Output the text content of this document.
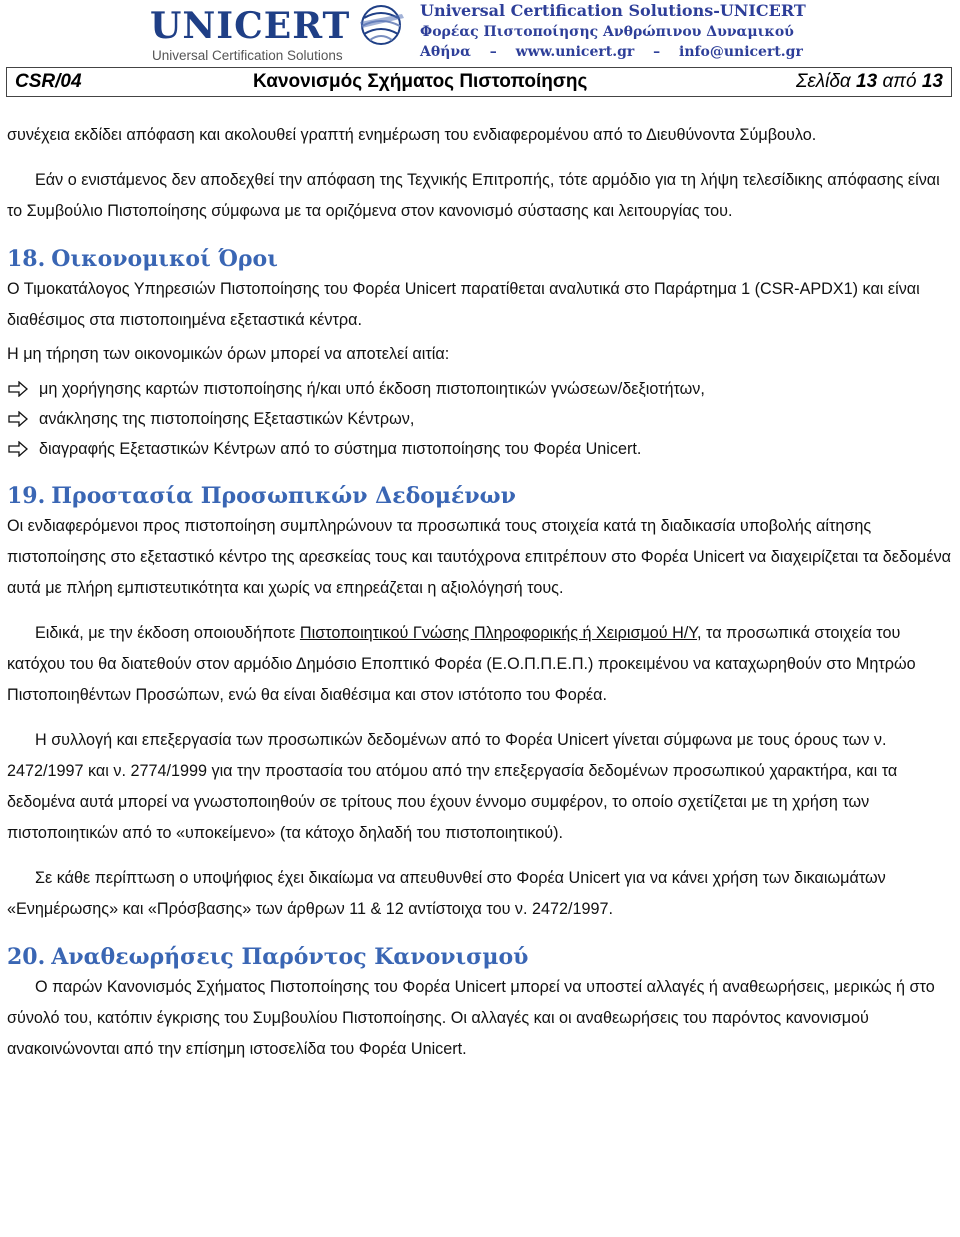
UNICERT
Universal Certification Solutions
Universal Certification Solutions-UNICERT
Φορέας Πιστοποίησης Ανθρώπινου Δυναμικού
Αθήνα – www.unicert.gr – info@unicert.gr
CSR/04	Κανονισμός Σχήματος Πιστοποίησης	Σελίδα 13 από 13

συνέχεια εκδίδει απόφαση και ακολουθεί γραπτή ενημέρωση του ενδιαφερομένου από το Διευθύνοντα Σύμβουλο.

Εάν ο ενιστάμενος δεν αποδεχθεί την απόφαση της Τεχνικής Επιτροπής, τότε αρμόδιο για τη λήψη τελεσίδικης απόφασης είναι το Συμβούλιο Πιστοποίησης σύμφωνα με τα οριζόμενα στον κανονισμό σύστασης και λειτουργίας του.

18. Οικονομικοί Όροι

Ο Τιμοκατάλογος Υπηρεσιών Πιστοποίησης του Φορέα Unicert παρατίθεται αναλυτικά στο Παράρτημα 1 (CSR-APDX1) και είναι διαθέσιμος στα πιστοποιημένα εξεταστικά κέντρα.

Η μη τήρηση των οικονομικών όρων μπορεί να αποτελεί αιτία:

μη χορήγησης καρτών πιστοποίησης ή/και υπό έκδοση πιστοποιητικών γνώσεων/δεξιοτήτων,
ανάκλησης της πιστοποίησης Εξεταστικών Κέντρων,
διαγραφής Εξεταστικών Κέντρων από το σύστημα πιστοποίησης του Φορέα Unicert.
19. Προστασία Προσωπικών Δεδομένων

Οι ενδιαφερόμενοι προς πιστοποίηση συμπληρώνουν τα προσωπικά τους στοιχεία κατά τη διαδικασία υποβολής αίτησης πιστοποίησης στο εξεταστικό κέντρο της αρεσκείας τους και ταυτόχρονα επιτρέπουν στο Φορέα Unicert να διαχειρίζεται τα δεδομένα αυτά με πλήρη εμπιστευτικότητα και χωρίς να επηρεάζεται η αξιολόγησή τους.

Ειδικά, με την έκδοση οποιουδήποτε Πιστοποιητικού Γνώσης Πληροφορικής ή Χειρισμού Η/Υ, τα προσωπικά στοιχεία του κατόχου του θα διατεθούν στον αρμόδιο Δημόσιο Εποπτικό Φορέα (Ε.Ο.Π.Π.Ε.Π.) προκειμένου να καταχωρηθούν στο Μητρώο Πιστοποιηθέντων Προσώπων, ενώ θα είναι διαθέσιμα και στον ιστότοπο του Φορέα.

Η συλλογή και επεξεργασία των προσωπικών δεδομένων από το Φορέα Unicert γίνεται σύμφωνα με τους όρους των ν. 2472/1997 και ν. 2774/1999 για την προστασία του ατόμου από την επεξεργασία δεδομένων προσωπικού χαρακτήρα, και τα δεδομένα αυτά μπορεί να γνωστοποιηθούν σε τρίτους που έχουν έννομο συμφέρον, το οποίο σχετίζεται με τη χρήση των πιστοποιητικών από το «υποκείμενο» (τα κάτοχο δηλαδή του πιστοποιητικού).

Σε κάθε περίπτωση ο υποψήφιος έχει δικαίωμα να απευθυνθεί στο Φορέα Unicert για να κάνει χρήση των δικαιωμάτων «Ενημέρωσης» και «Πρόσβασης» των άρθρων 11 & 12 αντίστοιχα του ν. 2472/1997.

20. Αναθεωρήσεις Παρόντος Κανονισμού

Ο παρών Κανονισμός Σχήματος Πιστοποίησης του Φορέα Unicert μπορεί να υποστεί αλλαγές ή αναθεωρήσεις, μερικώς ή στο σύνολό του, κατόπιν έγκρισης του Συμβουλίου Πιστοποίησης. Οι αλλαγές και οι αναθεωρήσεις του παρόντος κανονισμού ανακοινώνονται από την επίσημη ιστοσελίδα του Φορέα Unicert.
